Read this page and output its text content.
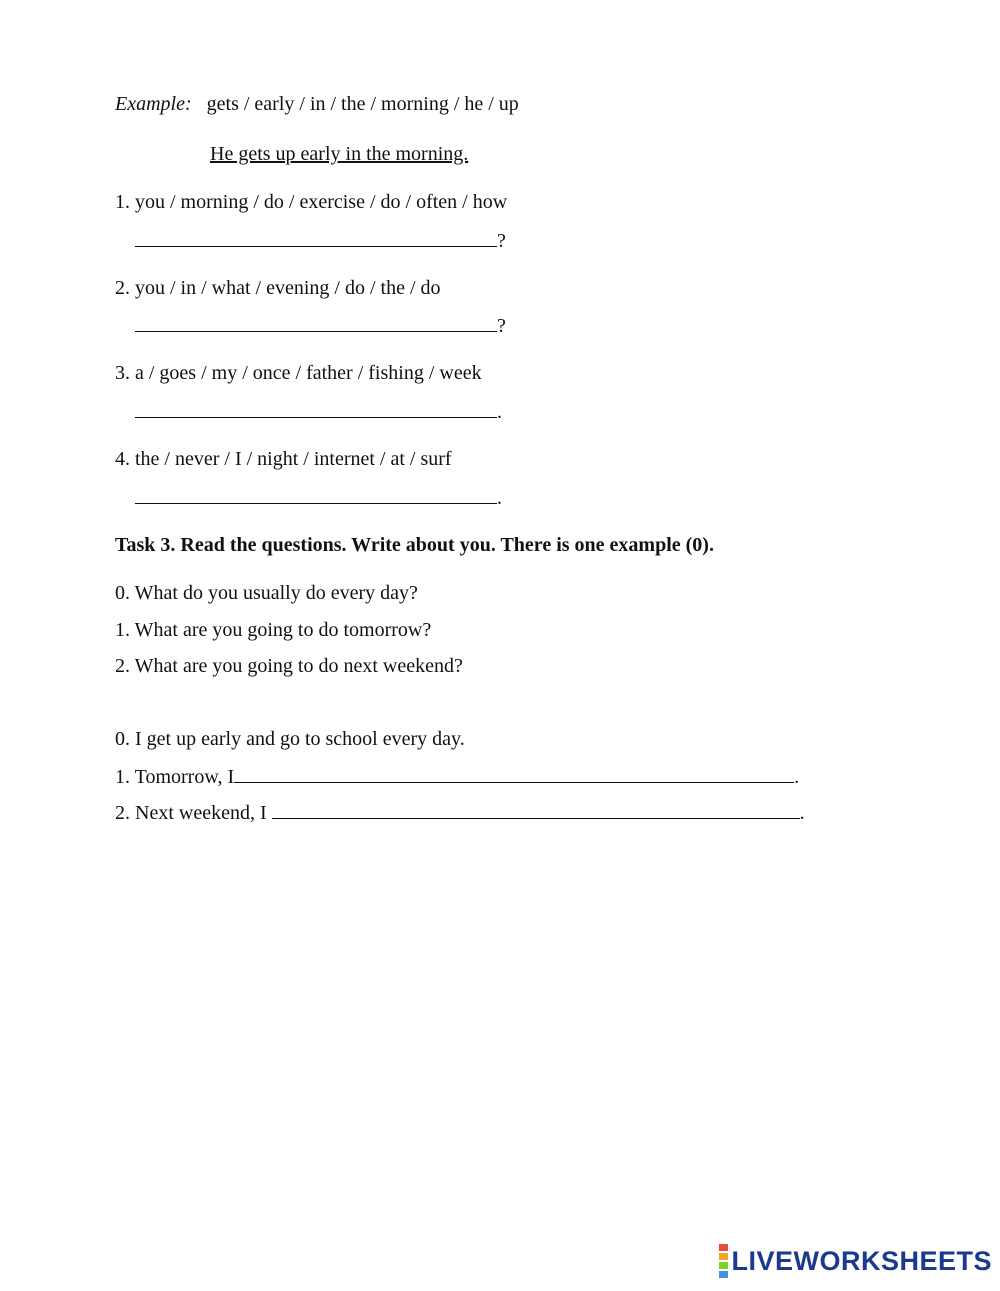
Example: gets / early / in / the / morning / he / up
He gets up early in the morning.
1. you / morning / do / exercise / do / often / how
?
2. you / in / what / evening / do / the / do
?
3. a / goes / my / once / father / fishing / week
.
4. the / never / I / night / internet / at / surf
.
Task 3. Read the questions. Write about you. There is one example (0).
0. What do you usually do every day?
1. What are you going to do tomorrow?
2. What are you going to do next weekend?
0. I get up early and go to school every day.
1. Tomorrow, I	.
2. Next weekend, I	.
LIVEWORKSHEETS
